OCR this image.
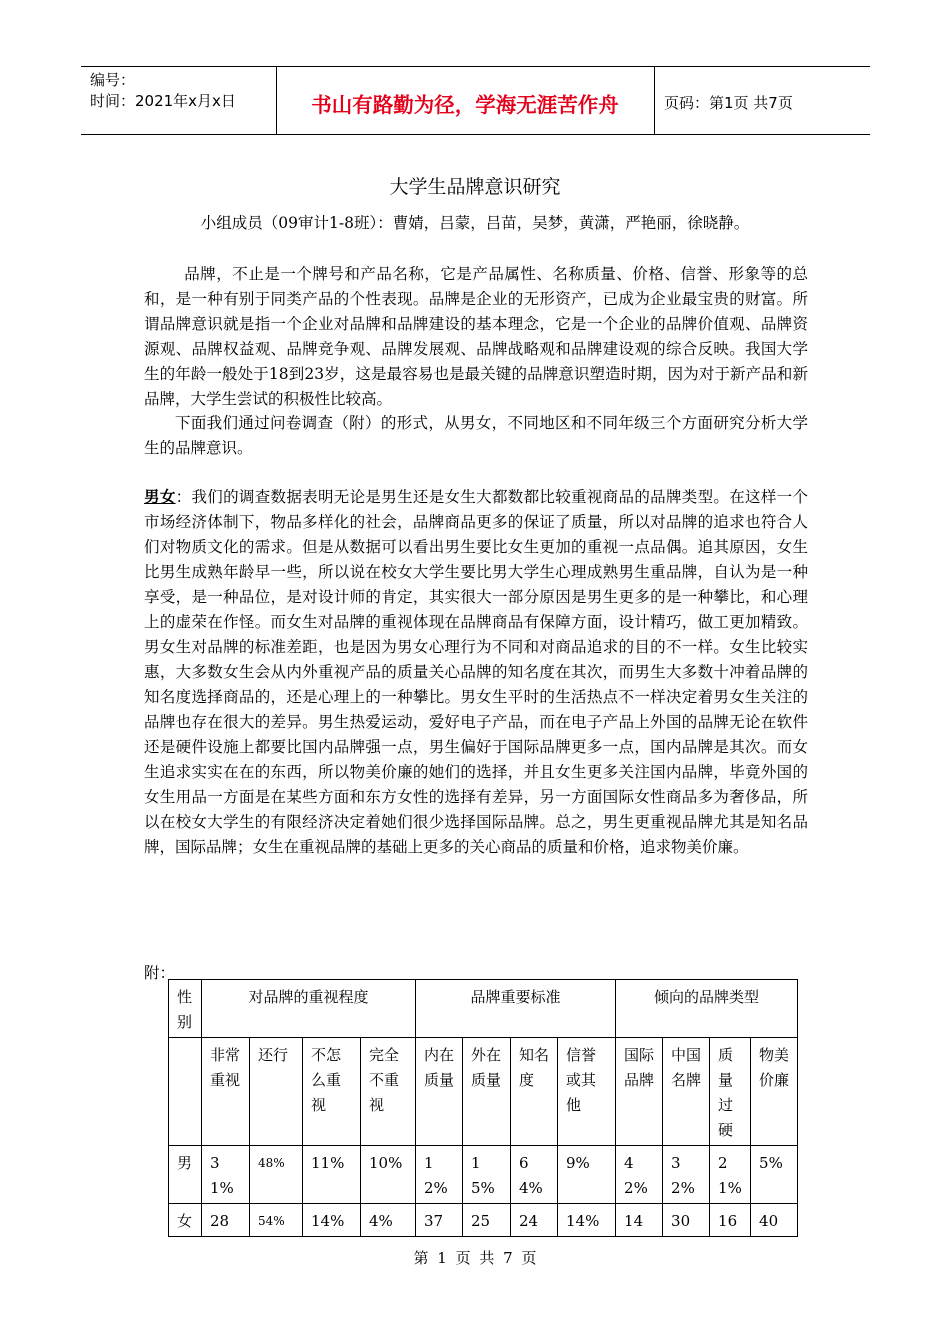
编号：
时间：2021年x月x日	书山有路勤为径，学海无涯苦作舟	页码：第1页 共7页
大学生品牌意识研究
小组成员（09审计1-8班）：曹婧，吕蒙，吕苗，吴梦，黄潇，严艳丽，徐晓静。

品牌，不止是一个牌号和产品名称，它是产品属性、名称质量、价格、信誉、形象等的总和，是一种有别于同类产品的个性表现。品牌是企业的无形资产，已成为企业最宝贵的财富。所谓品牌意识就是指一个企业对品牌和品牌建设的基本理念，它是一个企业的品牌价值观、品牌资源观、品牌权益观、品牌竞争观、品牌发展观、品牌战略观和品牌建设观的综合反映。我国大学生的年龄一般处于18到23岁，这是最容易也是最关键的品牌意识塑造时期，因为对于新产品和新品牌，大学生尝试的积极性比较高。

下面我们通过问卷调查（附）的形式，从男女，不同地区和不同年级三个方面研究分析大学生的品牌意识。

男女：我们的调查数据表明无论是男生还是女生大都数都比较重视商品的品牌类型。在这样一个市场经济体制下，物品多样化的社会，品牌商品更多的保证了质量，所以对品牌的追求也符合人们对物质文化的需求。但是从数据可以看出男生要比女生更加的重视一点品偶。追其原因，女生比男生成熟年龄早一些，所以说在校女大学生要比男大学生心理成熟男生重品牌，自认为是一种享受，是一种品位，是对设计师的肯定，其实很大一部分原因是男生更多的是一种攀比，和心理上的虚荣在作怪。而女生对品牌的重视体现在品牌商品有保障方面，设计精巧，做工更加精致。男女生对品牌的标准差距，也是因为男女心理行为不同和对商品追求的目的不一样。女生比较实惠，大多数女生会从内外重视产品的质量关心品牌的知名度在其次，而男生大多数十冲着品牌的知名度选择商品的，还是心理上的一种攀比。男女生平时的生活热点不一样决定着男女生关注的品牌也存在很大的差异。男生热爱运动，爱好电子产品，而在电子产品上外国的品牌无论在软件还是硬件设施上都要比国内品牌强一点，男生偏好于国际品牌更多一点，国内品牌是其次。而女生追求实实在在的东西，所以物美价廉的她们的选择，并且女生更多关注国内品牌，毕竟外国的女生用品一方面是在某些方面和东方女性的选择有差异，另一方面国际女性商品多为奢侈品，所以在校女大学生的有限经济决定着她们很少选择国际品牌。总之，男生更重视品牌尤其是知名品牌，国际品牌；女生在重视品牌的基础上更多的关心商品的质量和价格，追求物美价廉。

附：
性别	对品牌的重视程度				品牌重要标准				倾向的品牌类型			
	非常重视	还行	不怎么重视	完全不重视	内在质量	外在质量	知名度	信誉或其他	国际品牌	中国名牌	质量过硬	物美价廉
男	31%	48%	11%	10%	12%	15%	64%	9%	42%	32%	21%	5%
女	28	54%	14%	4%	37	25	24	14%	14	30	16	40
第 1 页 共 7 页
